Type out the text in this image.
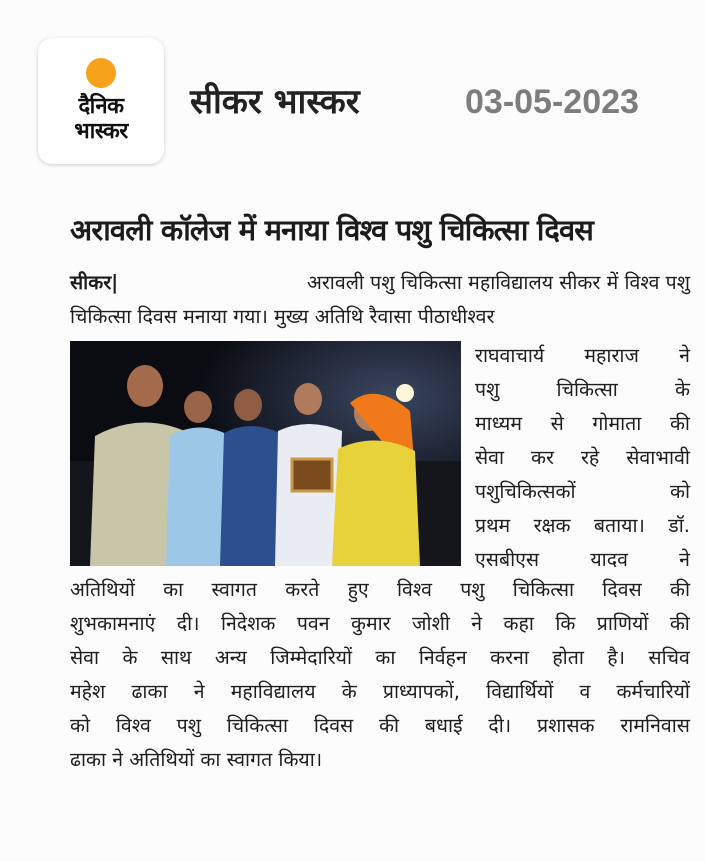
दैनिक
भास्कर
सीकर भास्कर	03-05-2023
अरावली कॉलेज में मनाया विश्व पशु चिकित्सा दिवस
सीकर|	अरावली पशु चिकित्सा महाविद्यालय सीकर में विश्व पशु
चिकित्सा दिवस मनाया गया। मुख्य अतिथि रैवासा पीठाधीश्वर
राघवाचार्य महाराज ने
पशु	चिकित्सा	के
माध्यम से गोमाता की
सेवा कर रहे सेवाभावी
पशुचिकित्सकों	को
प्रथम रक्षक बताया। डॉ.
एसबीएस	यादव	ने
अतिथियों का स्वागत करते हुए विश्व पशु चिकित्सा दिवस की
शुभकामनाएं दी। निदेशक पवन कुमार जोशी ने कहा कि प्राणियों की
सेवा के साथ अन्य जिम्मेदारियों का निर्वहन करना होता है। सचिव
महेश ढाका ने महाविद्यालय के प्राध्यापकों, विद्यार्थियों व कर्मचारियों
को विश्व पशु चिकित्सा दिवस की बधाई दी। प्रशासक रामनिवास
ढाका ने अतिथियों का स्वागत किया।
